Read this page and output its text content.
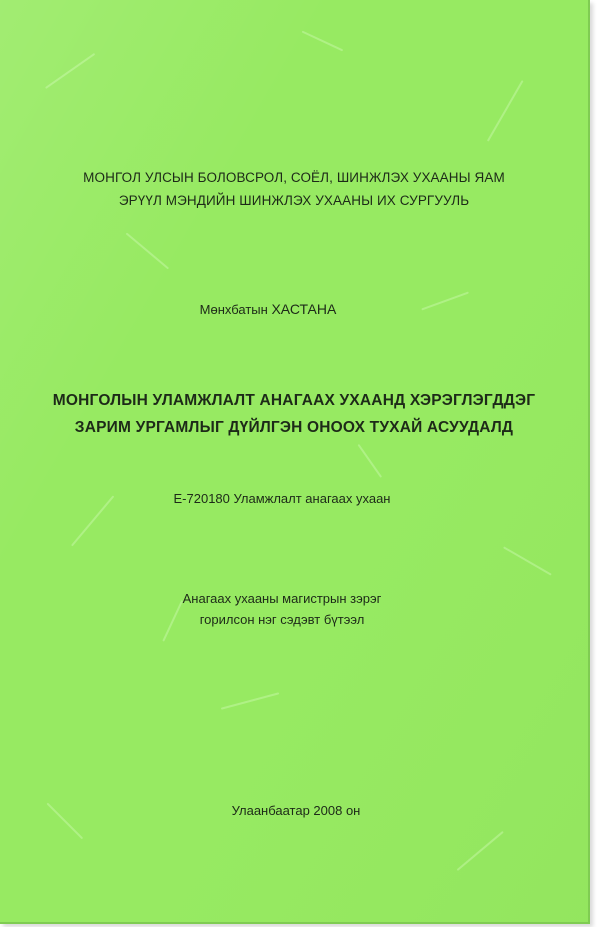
МОНГОЛ УЛСЫН БОЛОВСРОЛ, СОЁЛ, ШИНЖЛЭХ УХААНЫ ЯАМ
ЭРҮҮЛ МЭНДИЙН ШИНЖЛЭХ УХААНЫ ИХ СУРГУУЛЬ
Мөнхбатын ХАСТАНА
МОНГОЛЫН УЛАМЖЛАЛТ АНАГААХ УХААНД ХЭРЭГЛЭГДДЭГ
ЗАРИМ УРГАМЛЫГ ДҮЙЛГЭН ОНООХ ТУХАЙ АСУУДАЛД
Е-720180 Уламжлалт анагаах ухаан
Анагаах ухааны магистрын зэрэг
горилсон нэг сэдэвт бүтээл
Улаанбаатар 2008 он
